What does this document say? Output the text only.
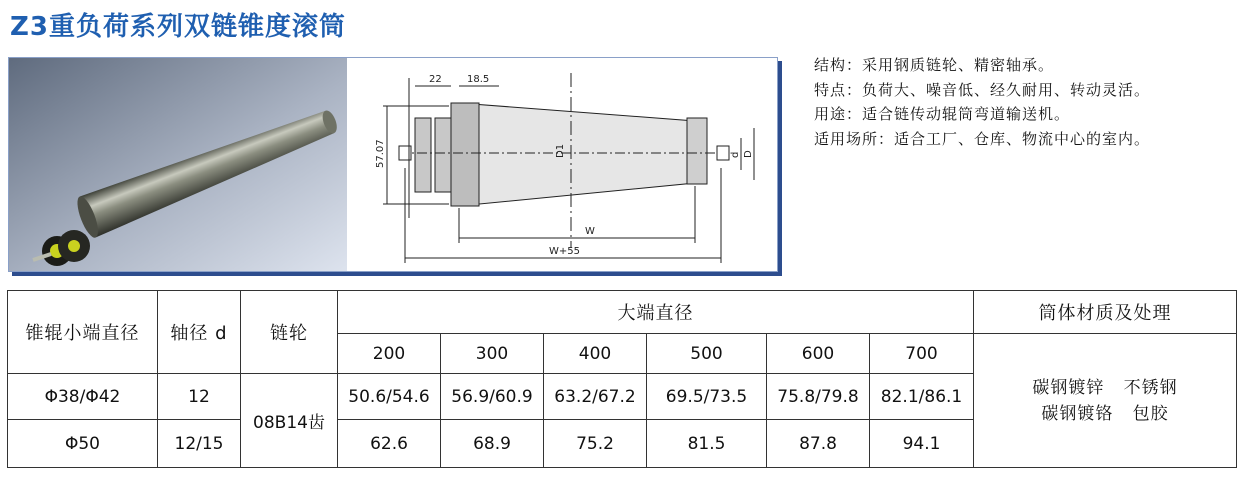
Z3重负荷系列双链锥度滚筒
22	18.5
57.07	D1	d D
W
W+55
结构：采用钢质链轮、精密轴承。
特点：负荷大、噪音低、经久耐用、转动灵活。
用途：适合链传动辊筒弯道输送机。
适用场所：适合工厂、仓库、物流中心的室内。
锥辊小端直径	轴径 d	链轮	大端直径						筒体材质及处理
			200	300	400	500	600	700	碳钢镀锌 不锈钢
碳钢镀铬 包胶

Φ38/Φ42	12	08B14齿	50.6/54.6	56.9/60.9	63.2/67.2	69.5/73.5	75.8/79.8	82.1/86.1	
Φ50	12/15		62.6	68.9	75.2	81.5	87.8	94.1	
